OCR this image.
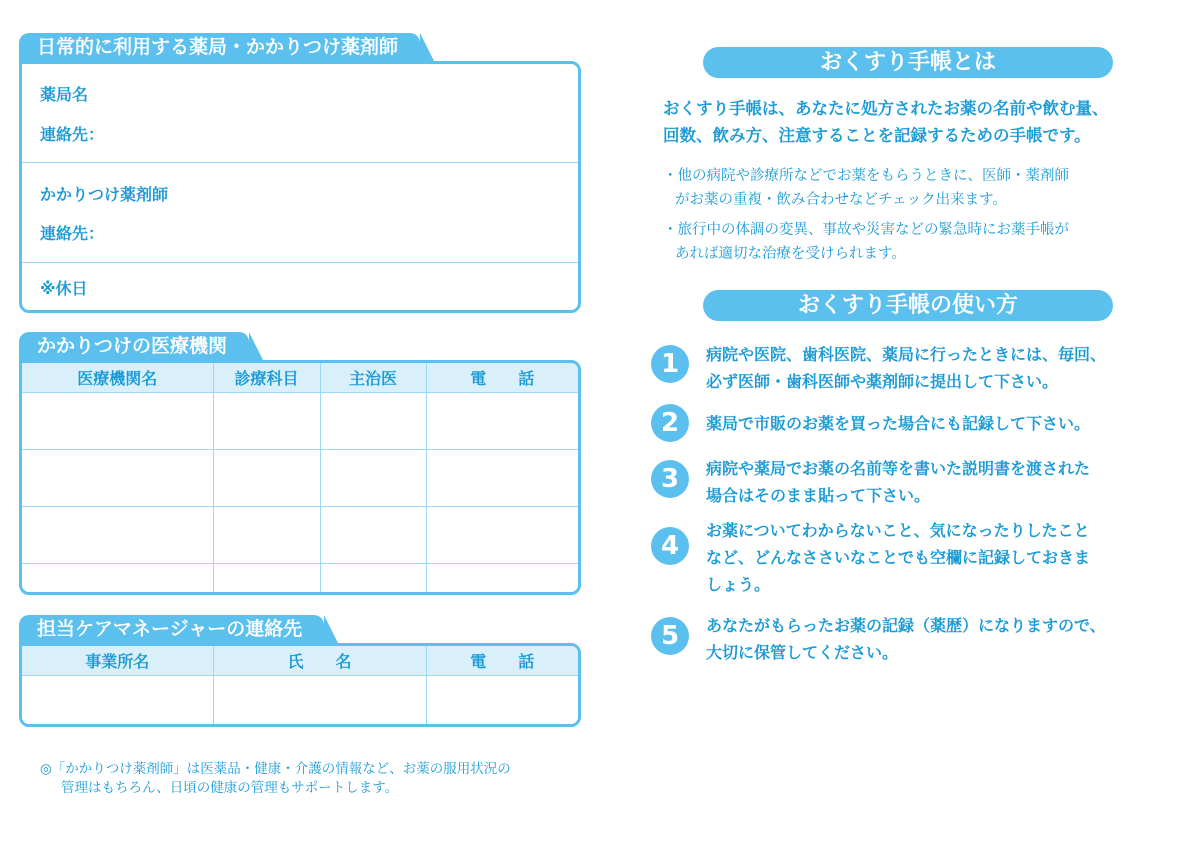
日常的に利用する薬局・かかりつけ薬剤師
薬局名
連絡先：
かかりつけ薬剤師
連絡先：
※休日
かかりつけの医療機関
医療機関名	診療科目	主治医	電　　話

担当ケアマネージャーの連絡先
事業所名	氏　　名	電　　話

◎「かかりつけ薬剤師」は医薬品・健康・介護の情報など、お薬の服用状況の
管理はもちろん、日頃の健康の管理もサポートします。
おくすり手帳とは
おくすり手帳は、あなたに処方されたお薬の名前や飲む量、
回数、飲み方、注意することを記録するための手帳です。
・他の病院や診療所などでお薬をもらうときに、医師・薬剤師
がお薬の重複・飲み合わせなどチェック出来ます。
・旅行中の体調の変異、事故や災害などの緊急時にお薬手帳が
あれば適切な治療を受けられます。
おくすり手帳の使い方
1	病院や医院、歯科医院、薬局に行ったときには、毎回、
必ず医師・歯科医師や薬剤師に提出して下さい。
2	薬局で市販のお薬を買った場合にも記録して下さい。
3	病院や薬局でお薬の名前等を書いた説明書を渡された
場合はそのまま貼って下さい。
4
お薬についてわからないこと、気になったりしたこと
など、どんなささいなことでも空欄に記録しておきま
しょう。
5	あなたがもらったお薬の記録（薬歴）になりますので、
大切に保管してください。
